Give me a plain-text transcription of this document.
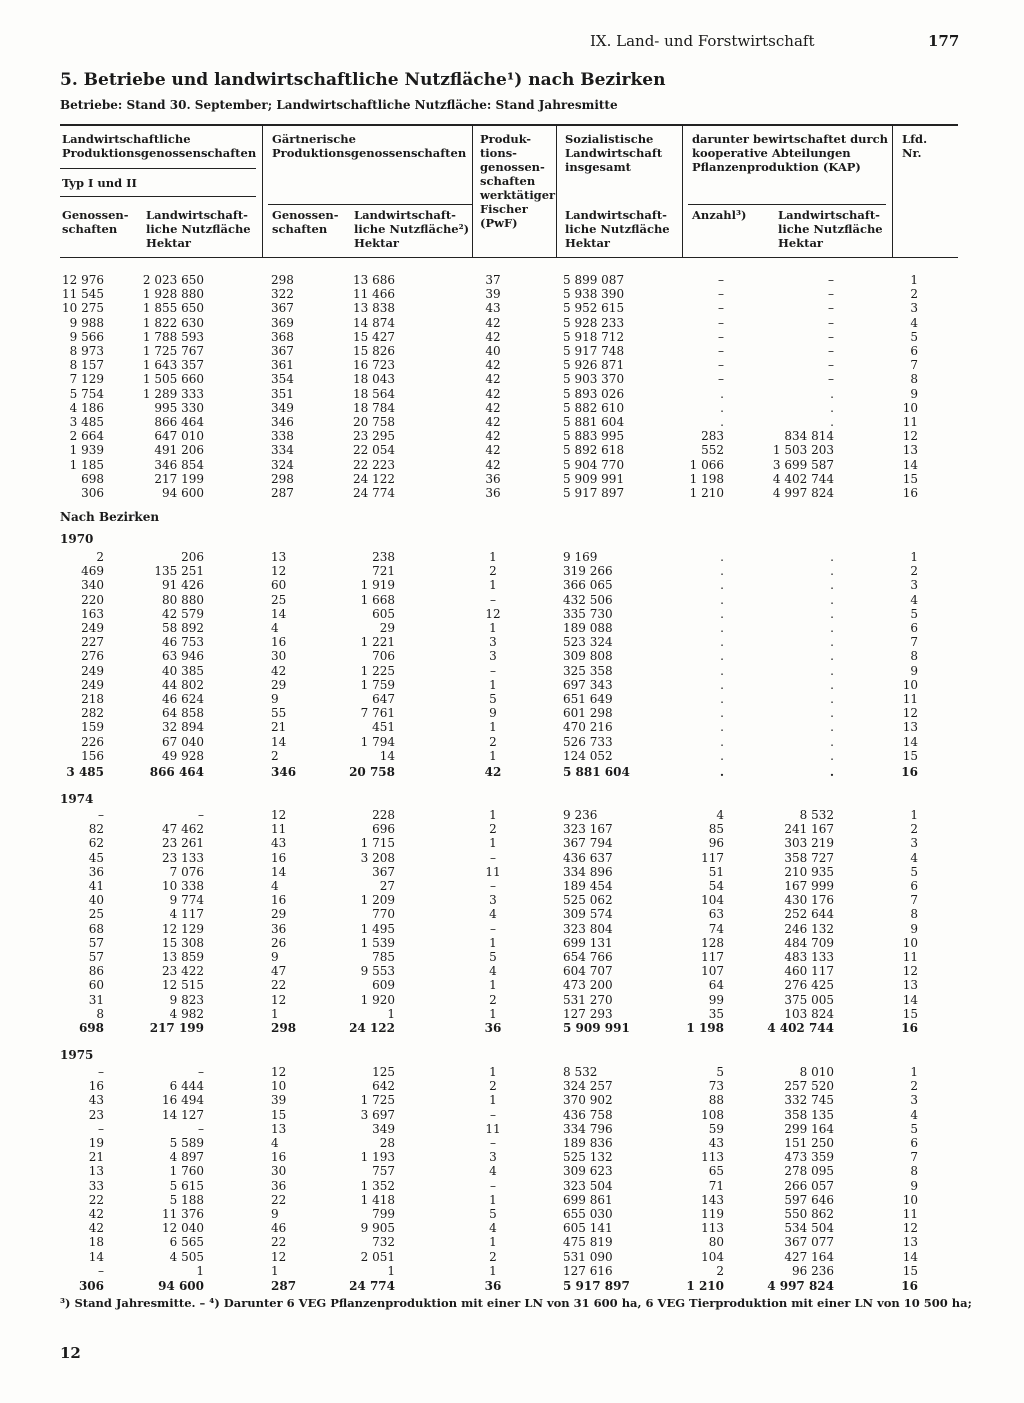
IX. Land- und Forstwirtschaft	177
5. Betriebe und landwirtschaftliche Nutzfläche¹) nach Bezirken
Betriebe: Stand 30. September; Landwirtschaftliche Nutzfläche: Stand Jahresmitte
Landwirtschaftliche
Produktionsgenossenschaften
Typ I und II
Gärtnerische
Produktionsgenossenschaften
Produk-
tions-
genossen-
schaften
werktätiger
Fischer
(PwF)
Sozialistische
Landwirtschaft
insgesamt
darunter bewirtschaftet durch
kooperative Abteilungen
Pflanzenproduktion (KAP)
Lfd.
Nr.
Genossen-
schaften
Landwirtschaft-
liche Nutzfläche
Hektar
Genossen-
schaften
Landwirtschaft-
liche Nutzfläche²)
Hektar
Landwirtschaft-
liche Nutzfläche
Hektar
Anzahl³)	Landwirtschaft-
liche Nutzfläche
Hektar
12 976	2 023 650	298	13 686	37	5 899 087	–	–	1
11 545	1 928 880	322	11 466	39	5 938 390	–	–	2
10 275	1 855 650	367	13 838	43	5 952 615	–	–	3
9 988	1 822 630	369	14 874	42	5 928 233	–	–	4
9 566	1 788 593	368	15 427	42	5 918 712	–	–	5
8 973	1 725 767	367	15 826	40	5 917 748	–	–	6
8 157	1 643 357	361	16 723	42	5 926 871	–	–	7
7 129	1 505 660	354	18 043	42	5 903 370	–	–	8
5 754	1 289 333	351	18 564	42	5 893 026	.	.	9
4 186	995 330	349	18 784	42	5 882 610	.	.	10
3 485	866 464	346	20 758	42	5 881 604	.	.	11
2 664	647 010	338	23 295	42	5 883 995	283	834 814	12
1 939	491 206	334	22 054	42	5 892 618	552	1 503 203	13
1 185	346 854	324	22 223	42	5 904 770	1 066	3 699 587	14
698	217 199	298	24 122	36	5 909 991	1 198	4 402 744	15
306	94 600	287	24 774	36	5 917 897	1 210	4 997 824	16
2	206	13	238	1	9 169	.	.	1
469	135 251	12	721	2	319 266	.	.	2
340	91 426	60	1 919	1	366 065	.	.	3
220	80 880	25	1 668	–	432 506	.	.	4
163	42 579	14	605	12	335 730	.	.	5
249	58 892	4	29	1	189 088	.	.	6
227	46 753	16	1 221	3	523 324	.	.	7
276	63 946	30	706	3	309 808	.	.	8
249	40 385	42	1 225	–	325 358	.	.	9
249	44 802	29	1 759	1	697 343	.	.	10
218	46 624	9	647	5	651 649	.	.	11
282	64 858	55	7 761	9	601 298	.	.	12
159	32 894	21	451	1	470 216	.	.	13
226	67 040	14	1 794	2	526 733	.	.	14
156	49 928	2	14	1	124 052	.	.	15
3 485	866 464	346	20 758	42	5 881 604	.	.	16
–	–	12	228	1	9 236	4	8 532	1
82	47 462	11	696	2	323 167	85	241 167	2
62	23 261	43	1 715	1	367 794	96	303 219	3
45	23 133	16	3 208	–	436 637	117	358 727	4
36	7 076	14	367	11	334 896	51	210 935	5
41	10 338	4	27	–	189 454	54	167 999	6
40	9 774	16	1 209	3	525 062	104	430 176	7
25	4 117	29	770	4	309 574	63	252 644	8
68	12 129	36	1 495	–	323 804	74	246 132	9
57	15 308	26	1 539	1	699 131	128	484 709	10
57	13 859	9	785	5	654 766	117	483 133	11
86	23 422	47	9 553	4	604 707	107	460 117	12
60	12 515	22	609	1	473 200	64	276 425	13
31	9 823	12	1 920	2	531 270	99	375 005	14
8	4 982	1	1	1	127 293	35	103 824	15
698	217 199	298	24 122	36	5 909 991	1 198	4 402 744	16
–	–	12	125	1	8 532	5	8 010	1
16	6 444	10	642	2	324 257	73	257 520	2
43	16 494	39	1 725	1	370 902	88	332 745	3
23	14 127	15	3 697	–	436 758	108	358 135	4
–	–	13	349	11	334 796	59	299 164	5
19	5 589	4	28	–	189 836	43	151 250	6
21	4 897	16	1 193	3	525 132	113	473 359	7
13	1 760	30	757	4	309 623	65	278 095	8
33	5 615	36	1 352	–	323 504	71	266 057	9
22	5 188	22	1 418	1	699 861	143	597 646	10
42	11 376	9	799	5	655 030	119	550 862	11
42	12 040	46	9 905	4	605 141	113	534 504	12
18	6 565	22	732	1	475 819	80	367 077	13
14	4 505	12	2 051	2	531 090	104	427 164	14
–	1	1	1	1	127 616	2	96 236	15
306	94 600	287	24 774	36	5 917 897	1 210	4 997 824	16
Nach Bezirken
1970
1974
1975
³) Stand Jahresmitte. – ⁴) Darunter 6 VEG Pflanzenproduktion mit einer LN von 31 600 ha, 6 VEG Tierproduktion mit einer LN von 10 500 ha;
12
